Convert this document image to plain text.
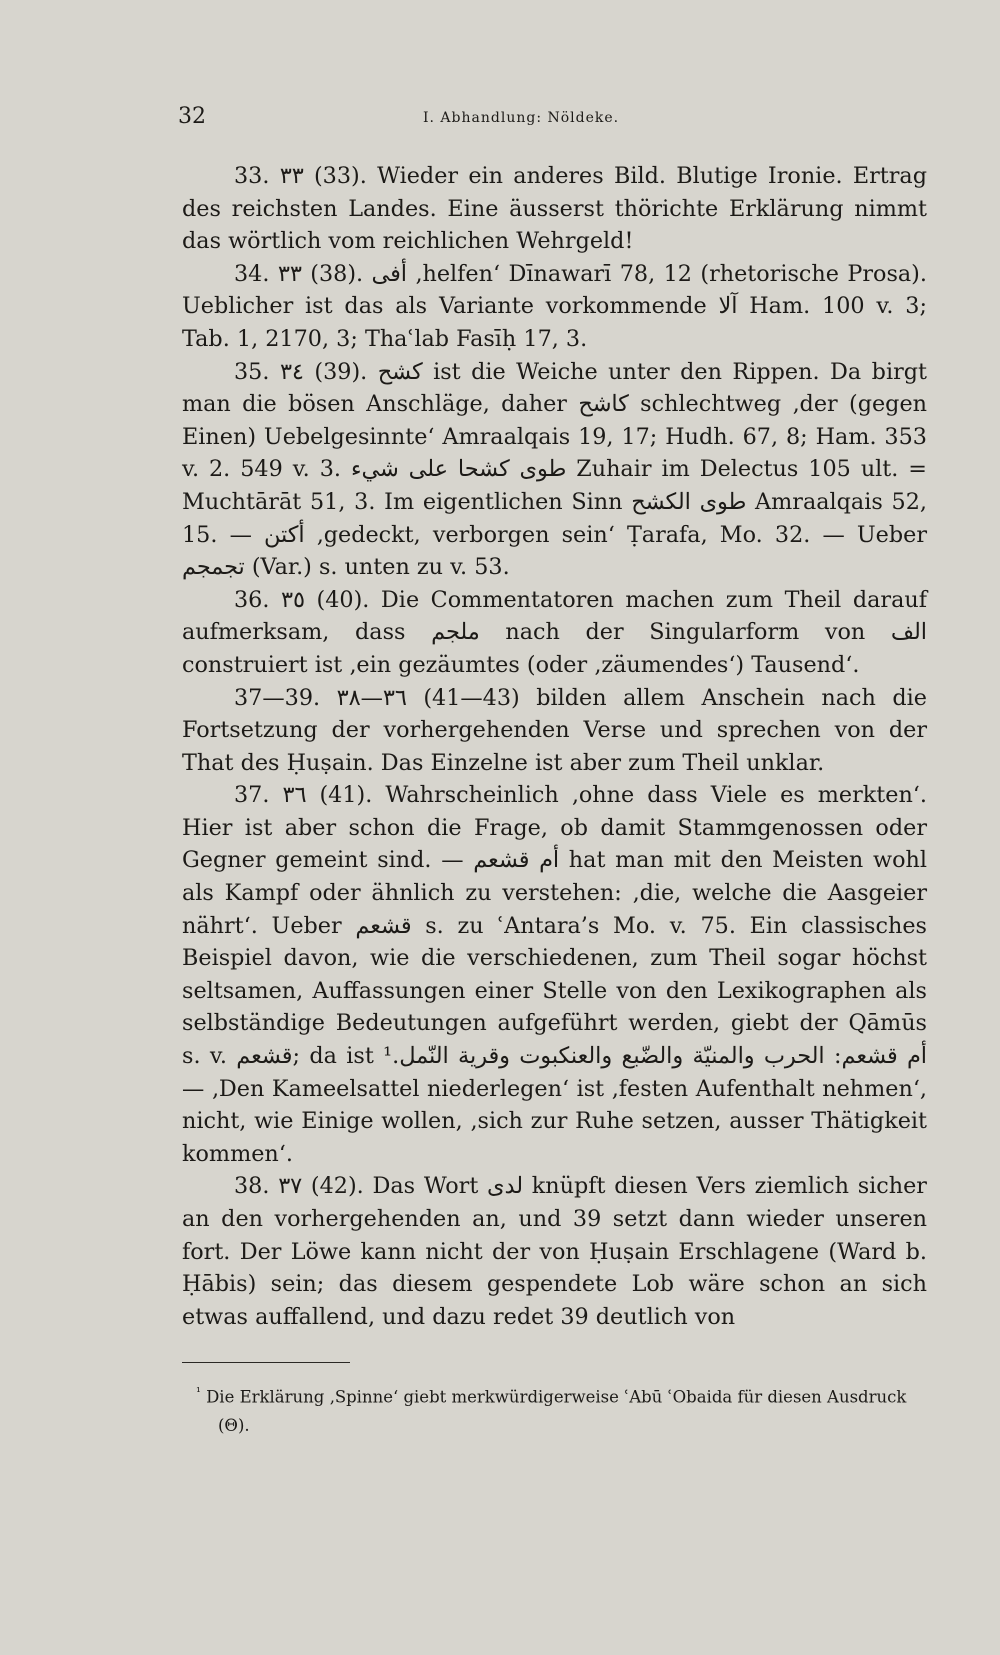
32	I. Abhandlung: Nöldeke.

33. ٣٣ (33). Wieder ein anderes Bild. Blutige Ironie. Ertrag des reichsten Landes. Eine äusserst thörichte Erklärung nimmt das wörtlich vom reichlichen Wehrgeld!

34. ٣٣ (38). أفى ‚helfen‘ Dīnawarī 78, 12 (rhetorische Prosa). Ueblicher ist das als Variante vorkommende آلا Ham. 100 v. 3; Tab. 1, 2170, 3; Thaʿlab Fasīḥ 17, 3.

35. ٣٤ (39). كشح ist die Weiche unter den Rippen. Da birgt man die bösen Anschläge, daher كاشح schlechtweg ‚der (gegen Einen) Uebelgesinnte‘ Amraalqais 19, 17; Hudh. 67, 8; Ham. 353 v. 2. 549 v. 3. طوى كشحا على شيء Zuhair im Delectus 105 ult. = Muchtārāt 51, 3. Im eigentlichen Sinn طوى الكشح Amraalqais 52, 15. — أكتن ‚gedeckt, verborgen sein‘ Ṭarafa, Mo. 32. — Ueber تجمجم (Var.) s. unten zu v. 53.

36. ٣٥ (40). Die Commentatoren machen zum Theil darauf aufmerksam, dass ملجم nach der Singularform von الف construiert ist ‚ein gezäumtes (oder ‚zäumendes‘) Tausend‘.

37—39. ٣٦—٣٨ (41—43) bilden allem Anschein nach die Fortsetzung der vorhergehenden Verse und sprechen von der That des Ḥuṣain. Das Einzelne ist aber zum Theil unklar.

37. ٣٦ (41). Wahrscheinlich ‚ohne dass Viele es merkten‘. Hier ist aber schon die Frage, ob damit Stammgenossen oder Gegner gemeint sind. — أم قشعم hat man mit den Meisten wohl als Kampf oder ähnlich zu verstehen: ‚die, welche die Aasgeier nährt‘. Ueber قشعم s. zu ʿAntara’s Mo. v. 75. Ein classisches Beispiel davon, wie die verschiedenen, zum Theil sogar höchst seltsamen, Auffassungen einer Stelle von den Lexikographen als selbständige Bedeutungen aufgeführt werden, giebt der Qāmūs s. v. قشعم; da ist أم قشعم: الحرب والمنيّة والضّبع والعنكبوت وقرية النّمل.¹ — ‚Den Kameelsattel niederlegen‘ ist ‚festen Aufenthalt nehmen‘, nicht, wie Einige wollen, ‚sich zur Ruhe setzen, ausser Thätigkeit kommen‘.

38. ٣٧ (42). Das Wort لدى knüpft diesen Vers ziemlich sicher an den vorhergehenden an, und 39 setzt dann wieder unseren fort. Der Löwe kann nicht der von Ḥuṣain Erschlagene (Ward b. Ḥābis) sein; das diesem gespendete Lob wäre schon an sich etwas auffallend, und dazu redet 39 deutlich von

$^{^1}$ Die Erklärung ‚Spinne‘ giebt merkwürdigerweise ʿAbū ʿObaida für diesen Ausdruck (Θ).
